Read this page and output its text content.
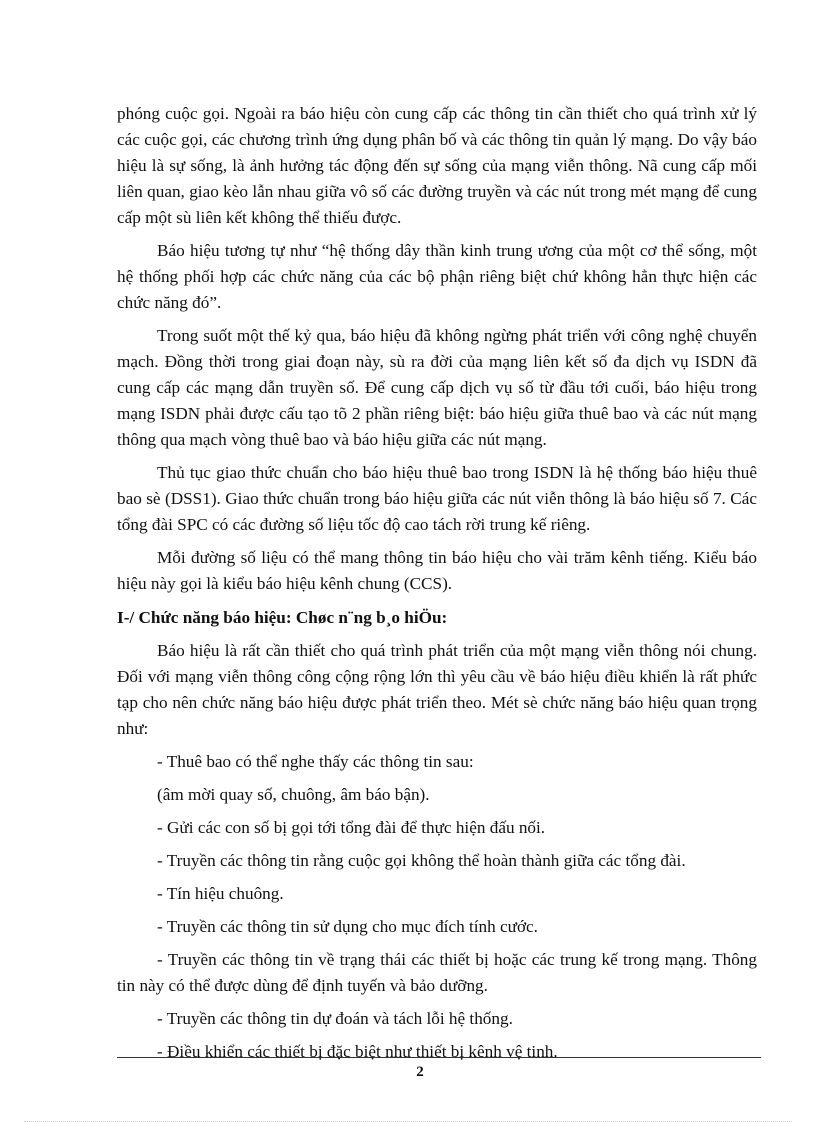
phóng cuộc gọi. Ngoài ra báo hiệu còn cung cấp các thông tin cần thiết cho quá trình xử lý các cuộc gọi, các chương trình ứng dụng phân bố và các thông tin quản lý mạng. Do vậy báo hiệu là sự sống, là ảnh hưởng tác động đến sự sống của mạng viễn thông. Nã cung cấp mối liên quan, giao kèo lẫn nhau giữa vô số các đường truyền và các nút trong mét mạng để cung cấp một sù liên kết không thể thiếu được.

Báo hiệu tương tự như “hệ thống dây thần kinh trung ương của một cơ thể sống, một hệ thống phối hợp các chức năng của các bộ phận riêng biệt chứ không hẳn thực hiện các chức năng đó”.

Trong suốt một thế kỷ qua, báo hiệu đã không ngừng phát triển với công nghệ chuyển mạch. Đồng thời trong giai đoạn này, sù ra đời của mạng liên kết số đa dịch vụ ISDN đã cung cấp các mạng dẫn truyền số. Để cung cấp dịch vụ số từ đầu tới cuối, báo hiệu trong mạng ISDN phải được cấu tạo tõ 2 phần riêng biệt: báo hiệu giữa thuê bao và các nút mạng thông qua mạch vòng thuê bao và báo hiệu giữa các nút mạng.

Thủ tục giao thức chuẩn cho báo hiệu thuê bao trong ISDN là hệ thống báo hiệu thuê bao sè (DSS1). Giao thức chuẩn trong báo hiệu giữa các nút viễn thông là báo hiệu số 7. Các tổng đài SPC có các đường số liệu tốc độ cao tách rời trung kế riêng.

Mỗi đường số liệu có thể mang thông tin báo hiệu cho vài trăm kênh tiếng. Kiểu báo hiệu này gọi là kiểu báo hiệu kênh chung (CCS).

I-/ Chức năng báo hiệu: Chøc n¨ng b¸o hiÖu:

Báo hiệu là rất cần thiết cho quá trình phát triển của một mạng viễn thông nói chung. Đối với mạng viễn thông công cộng rộng lớn thì yêu cầu về báo hiệu điều khiển là rất phức tạp cho nên chức năng báo hiệu được phát triển theo. Mét sè chức năng báo hiệu quan trọng như:

- Thuê bao có thể nghe thấy các thông tin sau:

(âm mời quay số, chuông, âm báo bận).

- Gửi các con số bị gọi tới tổng đài để thực hiện đấu nối.

- Truyền các thông tin rằng cuộc gọi không thể hoàn thành giữa các tổng đài.

- Tín hiệu chuông.

- Truyền các thông tin sử dụng cho mục đích tính cước.

- Truyền các thông tin về trạng thái các thiết bị hoặc các trung kế trong mạng. Thông tin này có thể được dùng để định tuyến và bảo dưỡng.

- Truyền các thông tin dự đoán và tách lỗi hệ thống.

- Điều khiển các thiết bị đặc biệt như thiết bị kênh vệ tinh.

2
